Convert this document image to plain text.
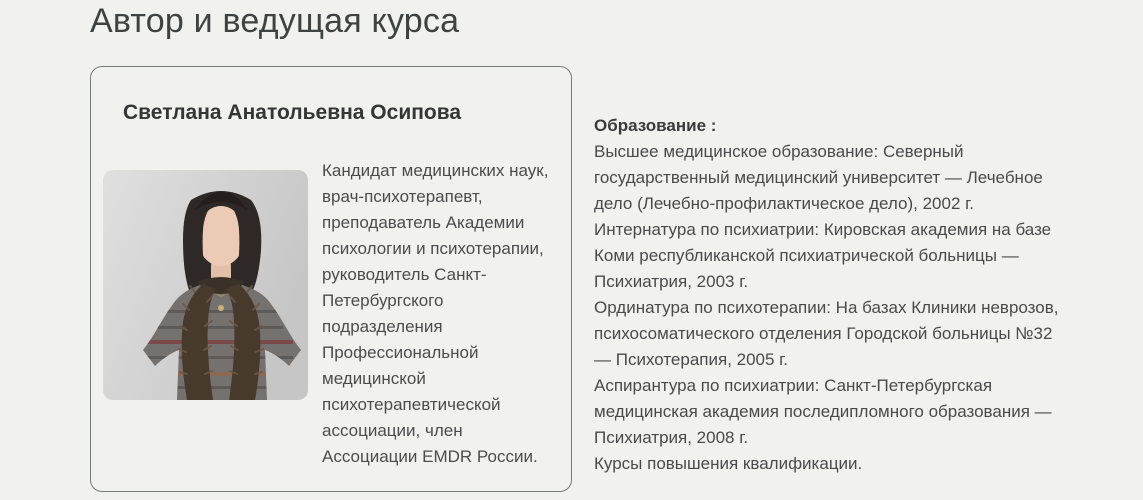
Автор и ведущая курса
Светлана Анатольевна Осипова

Кандидат медицинских наук, врач-психотерапевт, преподаватель Академии психологии и психотерапии, руководитель Санкт-Петербургского подразделения Профессиональной медицинской психотерапевтической ассоциации, член Ассоциации EMDR России.

Образование :

Высшее медицинское образование: Северный государственный медицинский университет — Лечебное дело (Лечебно-профилактическое дело), 2002 г.

Интернатура по психиатрии: Кировская академия на базе Коми республиканской психиатрической больницы — Психиатрия, 2003 г.

Ординатура по психотерапии: На базах Клиники неврозов, психосоматического отделения Городской больницы №32 — Психотерапия, 2005 г.

Аспирантура по психиатрии: Санкт-Петербургская медицинская академия последипломного образования — Психиатрия, 2008 г.

Курсы повышения квалификации.
